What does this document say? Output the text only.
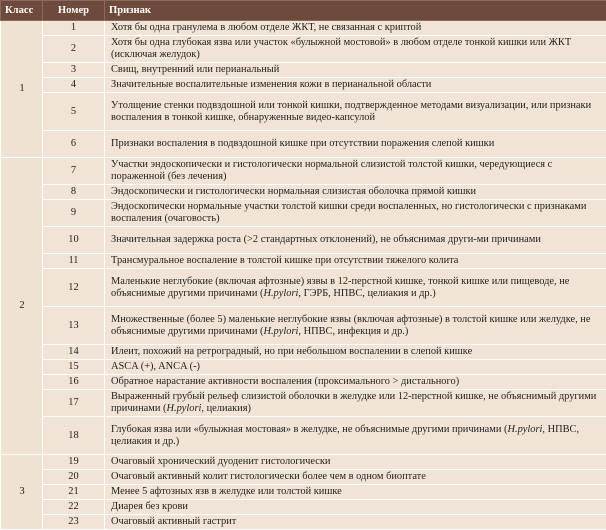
Класс	Номер	Признак
1	1	Хотя бы одна гранулема в любом отделе ЖКТ, не связанная с криптой
	2	Хотя бы одна глубокая язва или участок «булыжной мостовой» в любом отделе тонкой кишки или ЖКТ (исключая желудок)
	3	Свищ, внутренний или перианальный
	4	Значительные воспалительные изменения кожи в перианальной области
	5	Утолщение стенки подвздошной или тонкой кишки, подтвержденное методами визуализации, или признаки воспаления в тонкой кишке, обнаруженные видео-капсулой
	6	Признаки воспаления в подвздошной кишке при отсутствии поражения слепой кишки
2	7	Участки эндоскопически и гистологически нормальной слизистой толстой кишки, чередующиеся с пораженной (без лечения)
	8	Эндоскопически и гистологически нормальная слизистая оболочка прямой кишки
	9	Эндоскопически нормальные участки толстой кишки среди воспаленных, но гистологически с признаками воспаления (очаговость)
	10	Значительная задержка роста (>2 стандартных отклонений), не объяснимая други-ми причинами
	11	Трансмуральное воспаление в толстой кишке при отсутствии тяжелого колита
	12	Маленькие неглубокие (включая афтозные) язвы в 12-перстной кишке, тонкой кишке или пищеводе, не объяснимые другими причинами (H.pylori, ГЭРБ, НПВС, целиакия и др.)
	13	Множественные (более 5) маленькие неглубокие язвы (включая афтозные) в толстой кишке или желудке, не объяснимые другими причинами (H.pylori, НПВС, инфекция и др.)
	14	Илеит, похожий на ретроградный, но при небольшом воспалении в слепой кишке
	15	ASCA (+), ANCA (-)
	16	Обратное нарастание активности воспаления (проксимального > дистального)
	17	Выраженный грубый рельеф слизистой оболочки в желудке или 12-перстной кишке, не объяснимый другими причинами (H.pylori, целиакия)
	18	Глубокая язва или «булыжная мостовая» в желудке, не объяснимые другими причинами (H.pylori, НПВС, целиакия и др.)
3	19	Очаговый хронический дуоденит гистологически
	20	Очаговый активный колит гистологически более чем в одном биоптате
	21	Менее 5 афтозных язв в желудке или толстой кишке
	22	Диарея без крови
	23	Очаговый активный гастрит
